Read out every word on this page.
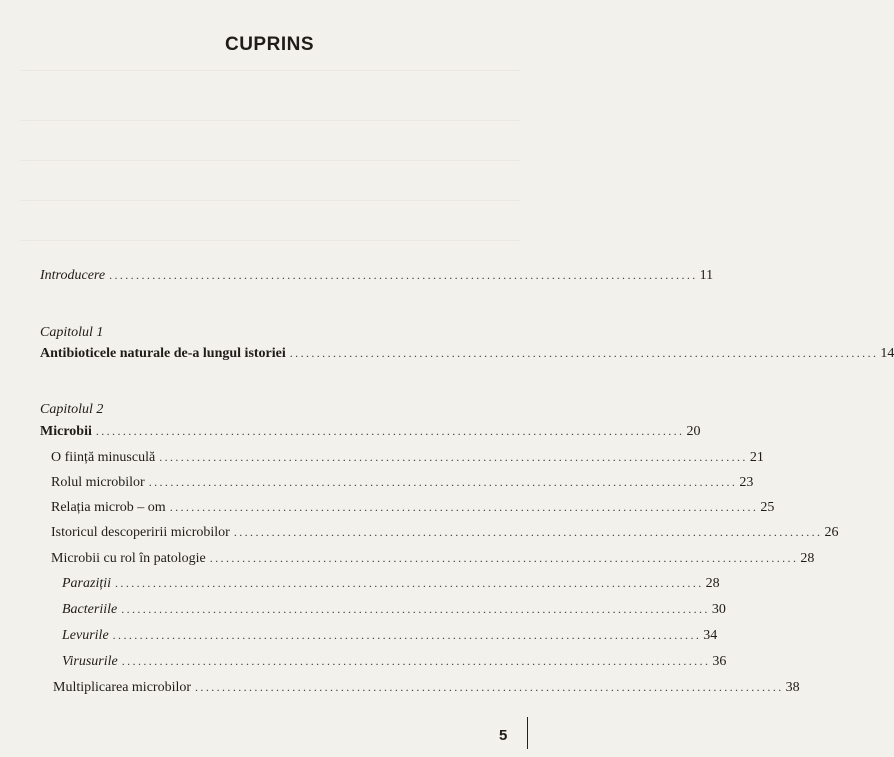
CUPRINS
Introducere ............................................................................................................. 11
Capitolul 1
Antibioticele naturale de-a lungul istoriei ............................................................................................................. 14
Capitolul 2
Microbii ............................................................................................................. 20
O ființă minusculă ............................................................................................................. 21
Rolul microbilor ............................................................................................................. 23
Relația microb – om ............................................................................................................. 25
Istoricul descoperirii microbilor ............................................................................................................. 26
Microbii cu rol în patologie ............................................................................................................. 28
Paraziții ............................................................................................................. 28
Bacteriile ............................................................................................................. 30
Levurile ............................................................................................................. 34
Virusurile ............................................................................................................. 36
Multiplicarea microbilor ............................................................................................................. 38
5
